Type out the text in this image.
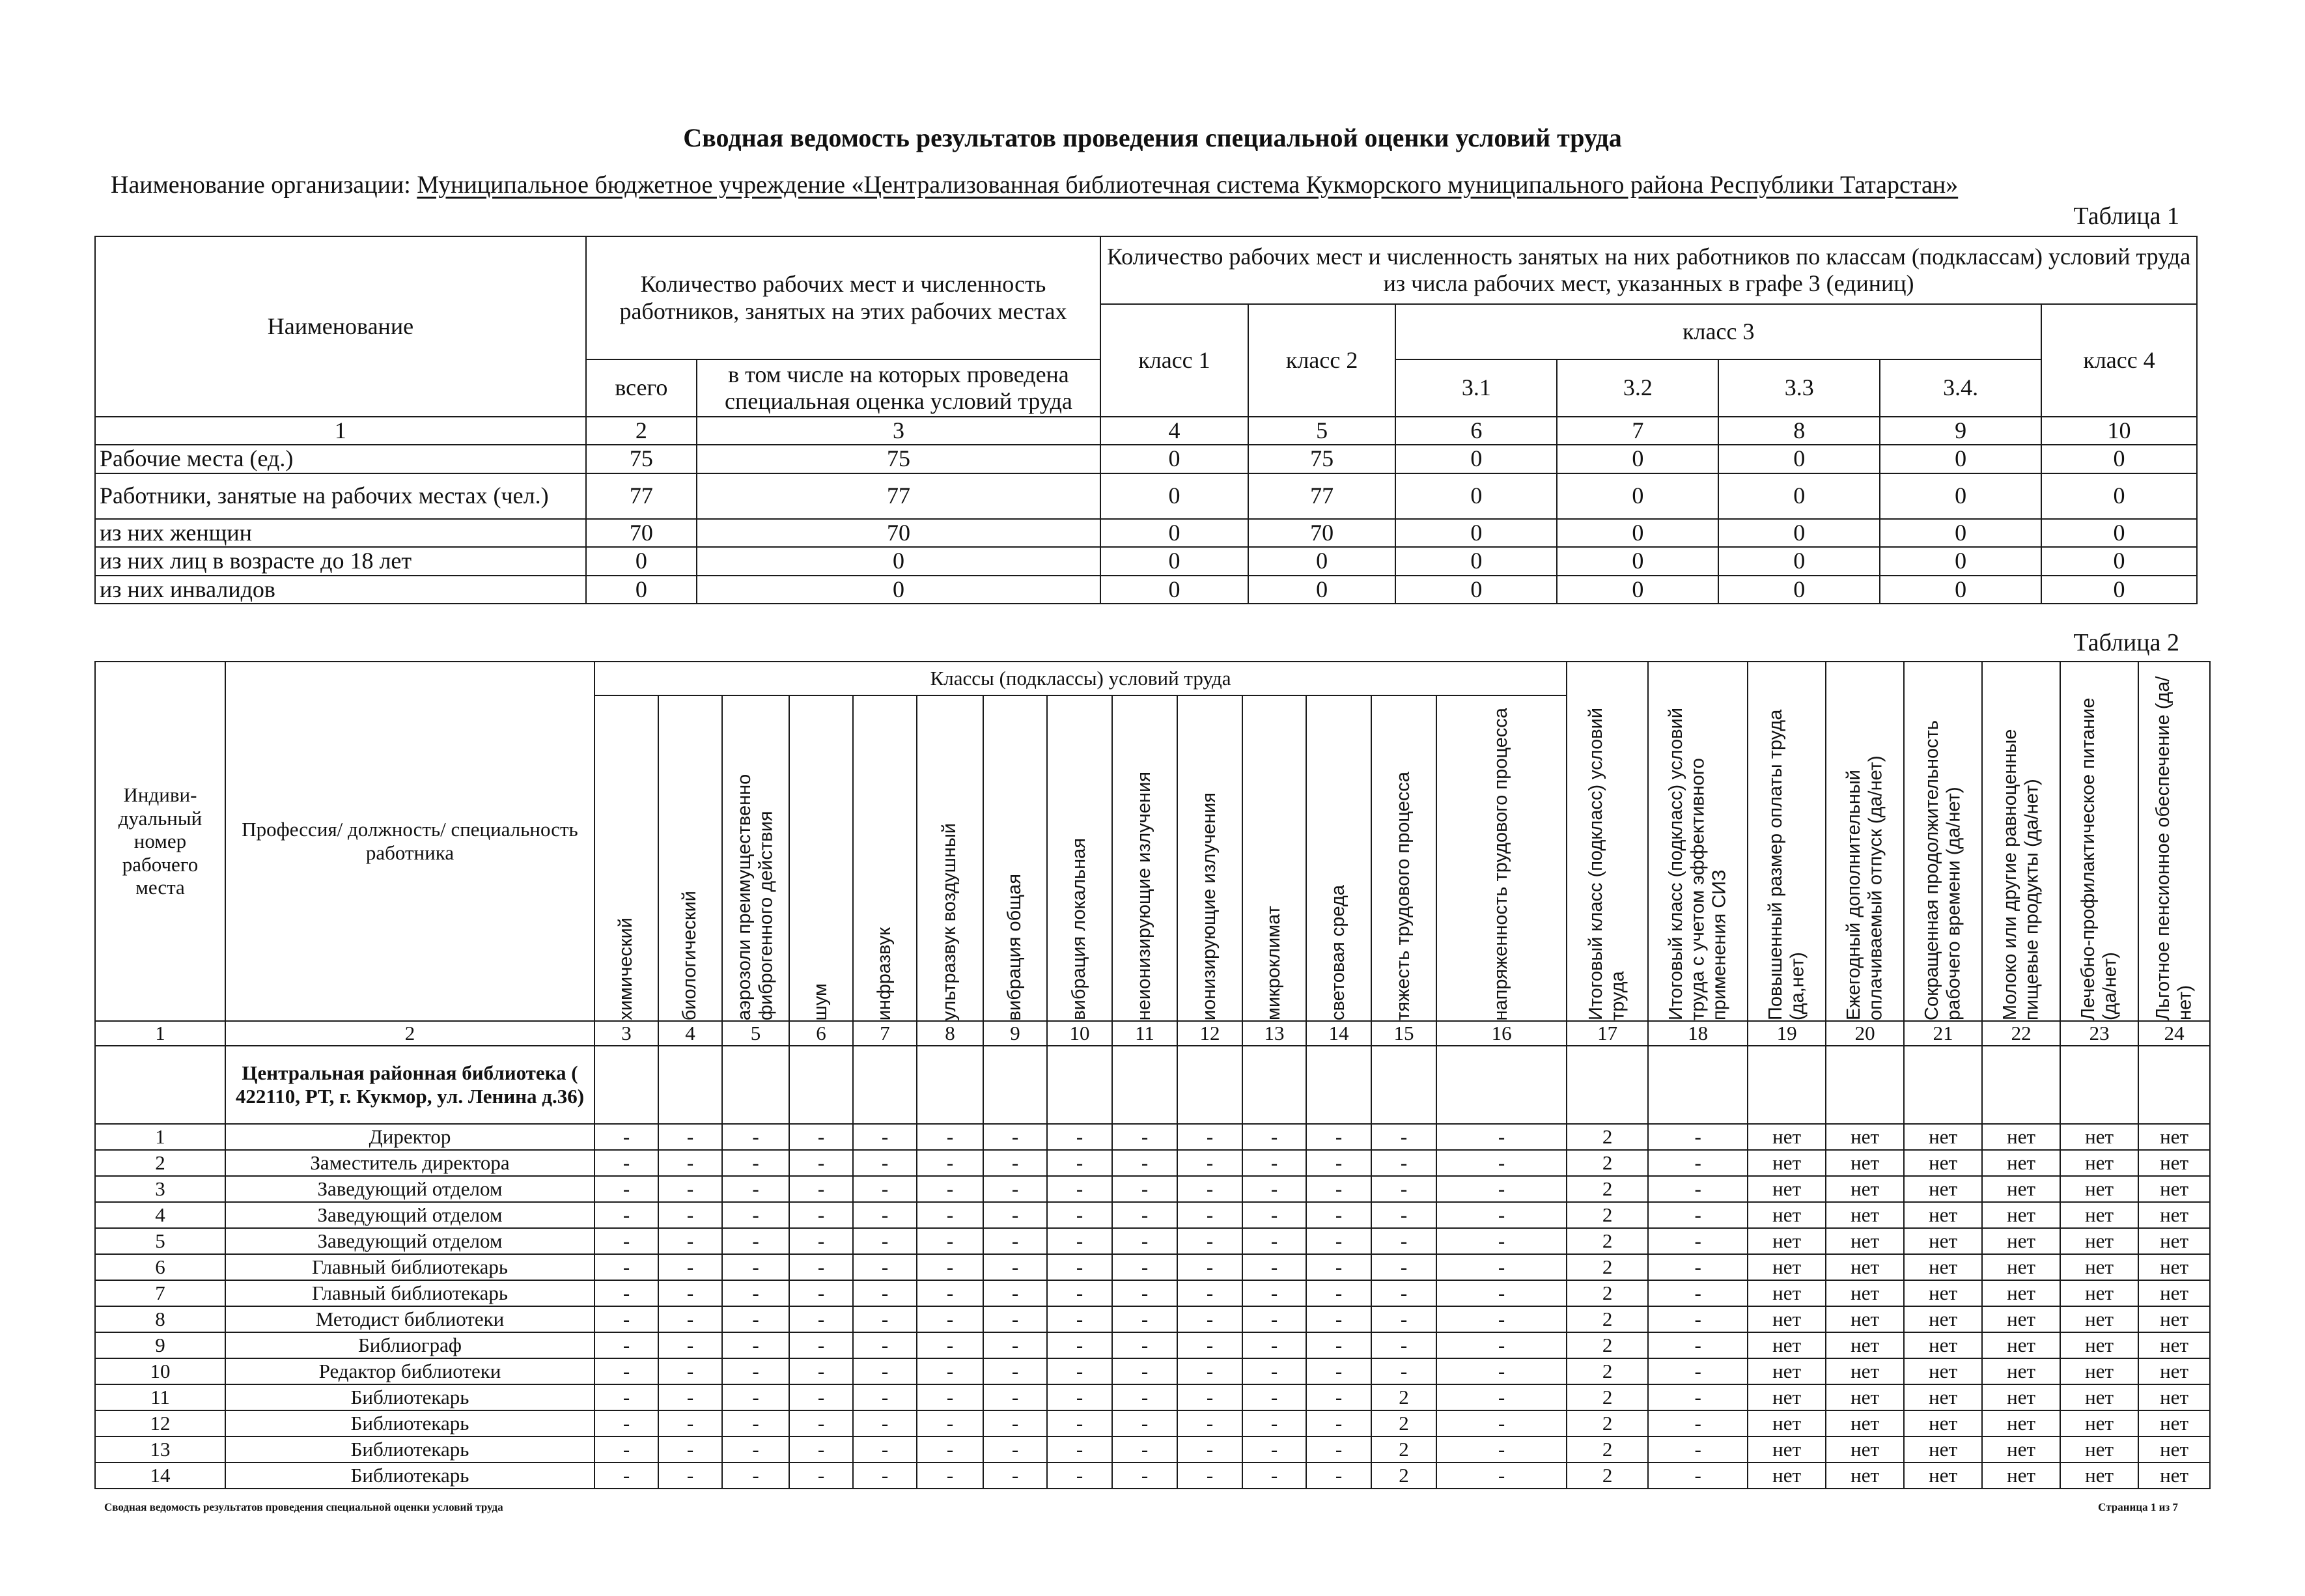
Сводная ведомость результатов проведения специальной оценки условий труда
Наименование организации: Муниципальное бюджетное учреждение «Централизованная библиотечная система Кукморского муниципального района Республики Татарстан»
Таблица 1
Наименование	Количество рабочих мест и численность работников, занятых на этих рабочих местах		Количество рабочих мест и численность занятых на них работников по классам (подклассам) условий труда из числа рабочих мест, указанных в графе 3 (единиц)						
			класс 1	класс 2	класс 3				класс 4
	всего	в том числе на которых проведена специальная оценка условий труда			3.1	3.2	3.3	3.4.	
1	2	3	4	5	6	7	8	9	10
Рабочие места (ед.)	75	75	0	75	0	0	0	0	0
Работники, занятые на рабочих местах (чел.)	77	77	0	77	0	0	0	0	0
из них женщин	70	70	0	70	0	0	0	0	0
из них лиц в возрасте до 18 лет	0	0	0	0	0	0	0	0	0
из них инвалидов	0	0	0	0	0	0	0	0	0
Таблица 2
Индиви-дуальный номер рабочего места	Профессия/ должность/ специальность работника	Классы (подклассы) условий труда														Итоговый класс (подкласс) условий труда	Итоговый класс (подкласс) условий труда с учетом эффективного применения СИЗ	Повышенный размер оплаты труда (да,нет)	Ежегодный дополнительный оплачиваемый отпуск (да/нет)	Сокращенная продолжительность рабочего времени (да/нет)	Молоко или другие равноценные пищевые продукты (да/нет)	Лечебно-профилактическое питание (да/нет)	Льготное пенсионное обеспечение (да/нет)

		химический	биологический	аэрозоли преимущественно фиброгенного действия	шум	инфразвук	ультразвук воздушный	вибрация общая	вибрация локальная	неионизирующие излучения	ионизирующие излучения	микроклимат	световая среда	тяжесть трудового процесса	напряженность трудового процесса								

1	2	3	4	5	6	7	8	9	10	11	12	13	14	15	16	17	18	19	20	21	22	23	24
	Центральная районная библиотека ( 422110, РТ, г. Кукмор, ул. Ленина д.36)																						
1	Директор	-	-	-	-	-	-	-	-	-	-	-	-	-	-	2	-	нет	нет	нет	нет	нет	нет
2	Заместитель директора	-	-	-	-	-	-	-	-	-	-	-	-	-	-	2	-	нет	нет	нет	нет	нет	нет
3	Заведующий отделом	-	-	-	-	-	-	-	-	-	-	-	-	-	-	2	-	нет	нет	нет	нет	нет	нет
4	Заведующий отделом	-	-	-	-	-	-	-	-	-	-	-	-	-	-	2	-	нет	нет	нет	нет	нет	нет
5	Заведующий отделом	-	-	-	-	-	-	-	-	-	-	-	-	-	-	2	-	нет	нет	нет	нет	нет	нет
6	Главный библиотекарь	-	-	-	-	-	-	-	-	-	-	-	-	-	-	2	-	нет	нет	нет	нет	нет	нет
7	Главный библиотекарь	-	-	-	-	-	-	-	-	-	-	-	-	-	-	2	-	нет	нет	нет	нет	нет	нет
8	Методист библиотеки	-	-	-	-	-	-	-	-	-	-	-	-	-	-	2	-	нет	нет	нет	нет	нет	нет
9	Библиограф	-	-	-	-	-	-	-	-	-	-	-	-	-	-	2	-	нет	нет	нет	нет	нет	нет
10	Редактор библиотеки	-	-	-	-	-	-	-	-	-	-	-	-	-	-	2	-	нет	нет	нет	нет	нет	нет
11	Библиотекарь	-	-	-	-	-	-	-	-	-	-	-	-	2	-	2	-	нет	нет	нет	нет	нет	нет
12	Библиотекарь	-	-	-	-	-	-	-	-	-	-	-	-	2	-	2	-	нет	нет	нет	нет	нет	нет
13	Библиотекарь	-	-	-	-	-	-	-	-	-	-	-	-	2	-	2	-	нет	нет	нет	нет	нет	нет
14	Библиотекарь	-	-	-	-	-	-	-	-	-	-	-	-	2	-	2	-	нет	нет	нет	нет	нет	нет
Сводная ведомость результатов проведения специальной оценки условий труда	Страница 1 из 7
